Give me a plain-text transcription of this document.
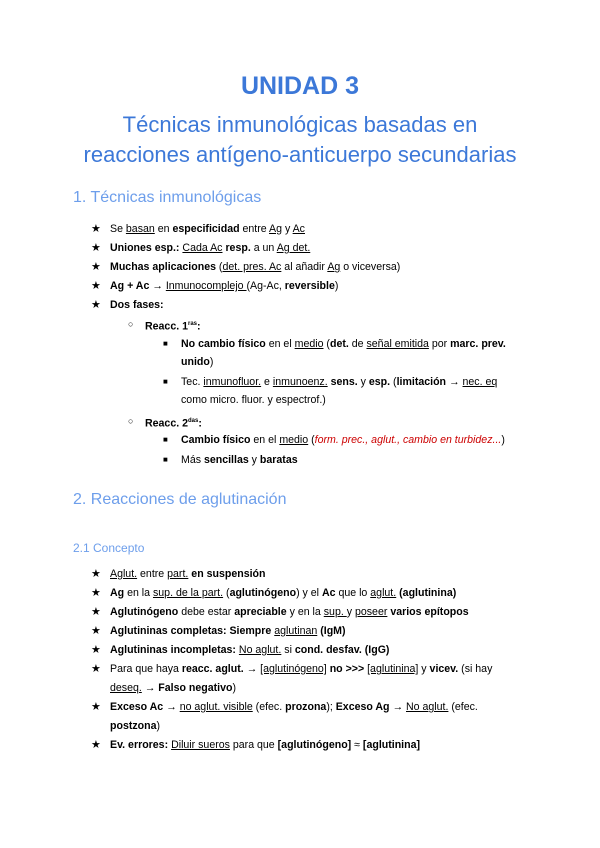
UNIDAD 3
Técnicas inmunológicas basadas en
reacciones antígeno-anticuerpo secundarias
1. Técnicas inmunológicas
★ Se basan en especificidad entre Ag y Ac
★ Uniones esp.: Cada Ac resp. a un Ag det.
★ Muchas aplicaciones (det. pres. Ac al añadir Ag o viceversa)
★ Ag + Ac → Inmunocomplejo (Ag-Ac, reversible)
★ Dos fases:
○ Reacc. $1^{ras}$:
■ No cambio físico en el medio (det. de señal emitida por marc. prev.
unido)
■ Tec. inmunofluor. e inmunoenz. sens. y esp. (limitación → nec. eq
como micro. fluor. y espectrof.)
○ Reacc. $2^{das}$:
■ Cambio físico en el medio (form. prec., aglut., cambio en turbidez...)
■ Más sencillas y baratas
2. Reacciones de aglutinación
2.1 Concepto
★ Aglut. entre part. en suspensión
★ Ag en la sup. de la part. (aglutinógeno) y el Ac que lo aglut. (aglutinina)
★ Aglutinógeno debe estar apreciable y en la sup. y poseer varios epítopos
★ Aglutininas completas: Siempre aglutinan (IgM)
★ Aglutininas incompletas: No aglut. si cond. desfav. (IgG)
★ Para que haya reacc. aglut. → [aglutinógeno] no >>> [aglutinina] y vicev. (si hay
deseq. → Falso negativo)
★ Exceso Ac → no aglut. visible (efec. prozona); Exceso Ag → No aglut. (efec.
postzona)
★ Ev. errores: Diluir sueros para que [aglutinógeno] ≈ [aglutinina]
